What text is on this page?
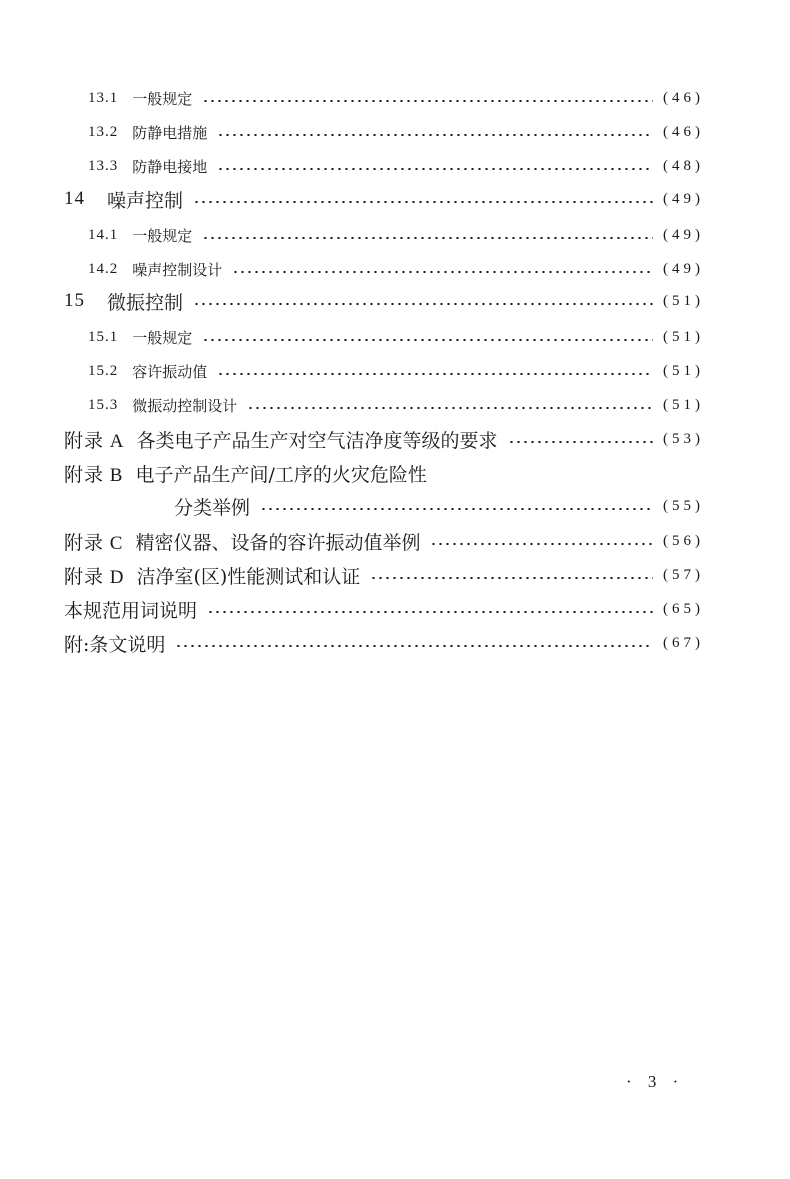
13.1 一般规定	(46)
13.2 防静电措施	(46)
13.3 防静电接地	(48)
14 噪声控制	(49)
14.1 一般规定	(49)
14.2 噪声控制设计	(49)
15 微振控制	(51)
15.1 一般规定	(51)
15.2 容许振动值	(51)
15.3 微振动控制设计	(51)
附录 A 各类电子产品生产对空气洁净度等级的要求	(53)
附录 B 电子产品生产间/工序的火灾危险性
分类举例	(55)
附录 C 精密仪器、设备的容许振动值举例	(56)
附录 D 洁净室(区)性能测试和认证	(57)
本规范用词说明	(65)
附:条文说明	(67)
· 3 ·
